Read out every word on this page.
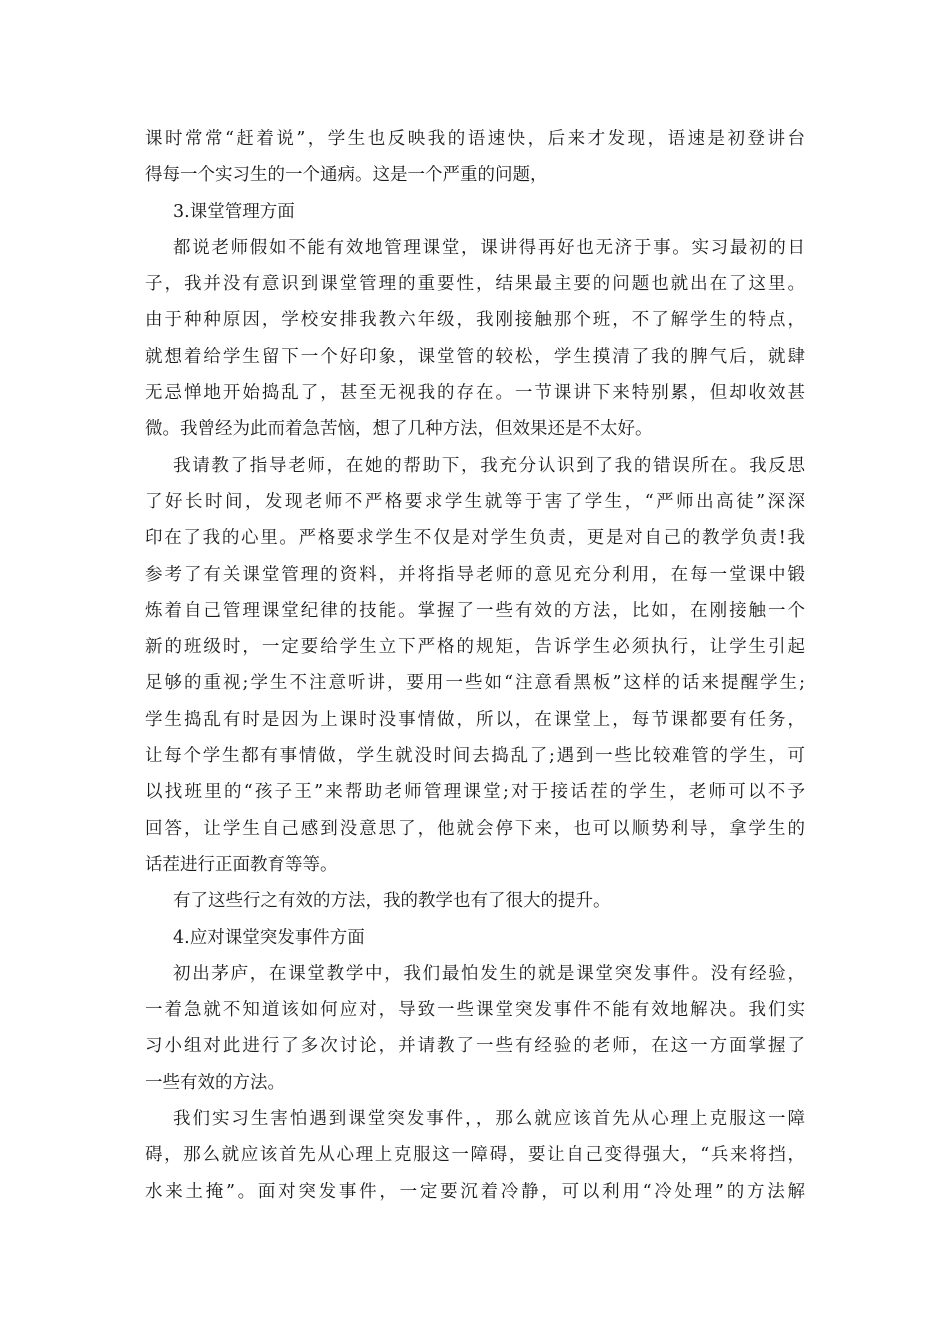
课时常常“赶着说”，学生也反映我的语速快，后来才发现，语速是初登讲台
得每一个实习生的一个通病。这是一个严重的问题，
3.课堂管理方面
都说老师假如不能有效地管理课堂，课讲得再好也无济于事。实习最初的日
子，我并没有意识到课堂管理的重要性，结果最主要的问题也就出在了这里。
由于种种原因，学校安排我教六年级，我刚接触那个班，不了解学生的特点，
就想着给学生留下一个好印象，课堂管的较松，学生摸清了我的脾气后，就肆
无忌惮地开始捣乱了，甚至无视我的存在。一节课讲下来特别累，但却收效甚
微。我曾经为此而着急苦恼，想了几种方法，但效果还是不太好。
我请教了指导老师，在她的帮助下，我充分认识到了我的错误所在。我反思
了好长时间，发现老师不严格要求学生就等于害了学生，“严师出高徒”深深
印在了我的心里。严格要求学生不仅是对学生负责，更是对自己的教学负责!我
参考了有关课堂管理的资料，并将指导老师的意见充分利用，在每一堂课中锻
炼着自己管理课堂纪律的技能。掌握了一些有效的方法，比如，在刚接触一个
新的班级时，一定要给学生立下严格的规矩，告诉学生必须执行，让学生引起
足够的重视;学生不注意听讲，要用一些如“注意看黑板”这样的话来提醒学生;
学生捣乱有时是因为上课时没事情做，所以，在课堂上，每节课都要有任务，
让每个学生都有事情做，学生就没时间去捣乱了;遇到一些比较难管的学生，可
以找班里的“孩子王”来帮助老师管理课堂;对于接话茬的学生，老师可以不予
回答，让学生自己感到没意思了，他就会停下来，也可以顺势利导，拿学生的
话茬进行正面教育等等。
有了这些行之有效的方法，我的教学也有了很大的提升。
4.应对课堂突发事件方面
初出茅庐，在课堂教学中，我们最怕发生的就是课堂突发事件。没有经验，
一着急就不知道该如何应对，导致一些课堂突发事件不能有效地解决。我们实
习小组对此进行了多次讨论，并请教了一些有经验的老师，在这一方面掌握了
一些有效的方法。
我们实习生害怕遇到课堂突发事件，，那么就应该首先从心理上克服这一障
碍，那么就应该首先从心理上克服这一障碍，要让自己变得强大，“兵来将挡，
水来土掩”。面对突发事件，一定要沉着冷静，可以利用“冷处理”的方法解
